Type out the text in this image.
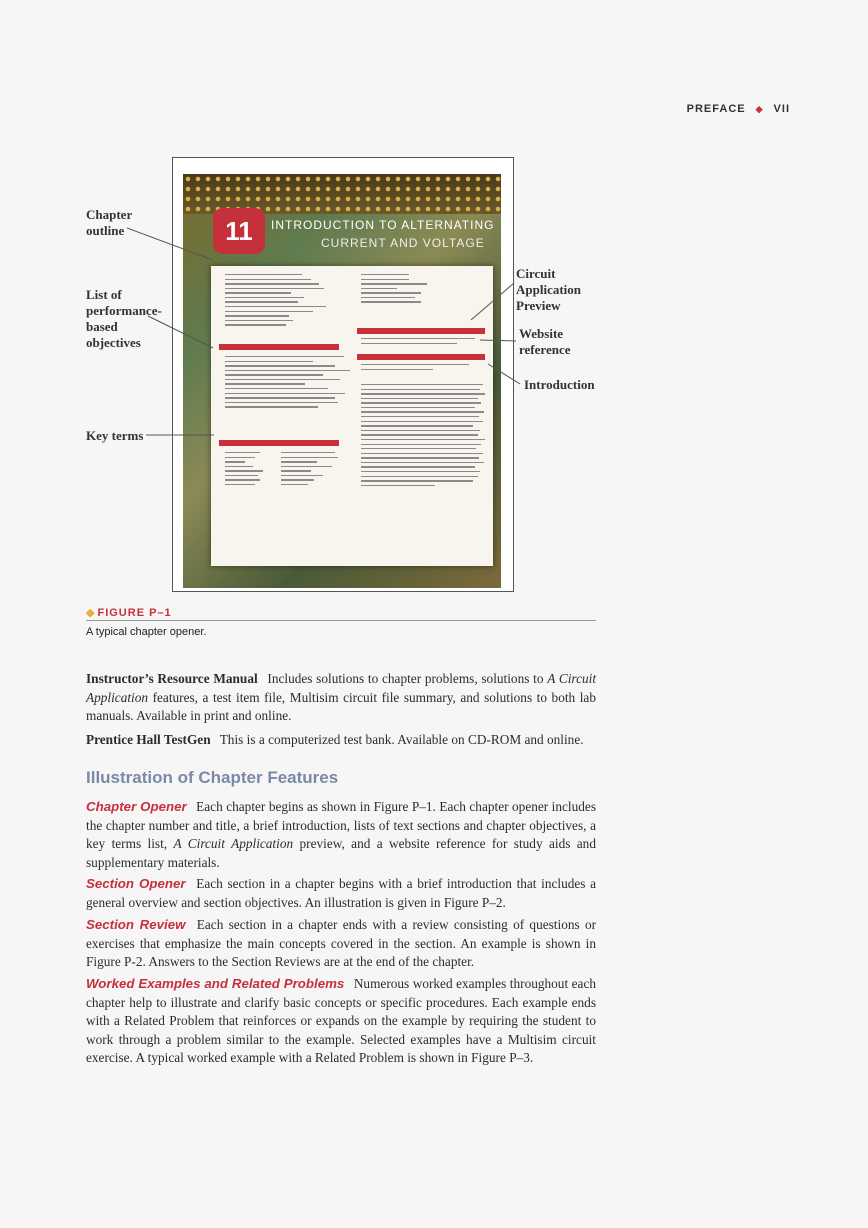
PREFACE ◆ VII
11	INTRODUCTION TO ALTERNATING
CURRENT AND VOLTAGE
Chapter outline
List of performance-based objectives
Key terms
Circuit Application Preview
Website reference
Introduction
◆ FIGURE P–1
A typical chapter opener.
Instructor’s Resource Manual Includes solutions to chapter problems, solutions to A Circuit Application features, a test item file, Multisim circuit file summary, and solutions to both lab manuals. Available in print and online.
Prentice Hall TestGen This is a computerized test bank. Available on CD-ROM and online.
Illustration of Chapter Features
Chapter Opener Each chapter begins as shown in Figure P–1. Each chapter opener includes the chapter number and title, a brief introduction, lists of text sections and chapter objectives, a key terms list, A Circuit Application preview, and a website reference for study aids and supplementary materials.
Section Opener Each section in a chapter begins with a brief introduction that includes a general overview and section objectives. An illustration is given in Figure P–2.
Section Review Each section in a chapter ends with a review consisting of questions or exercises that emphasize the main concepts covered in the section. An example is shown in Figure P-2. Answers to the Section Reviews are at the end of the chapter.
Worked Examples and Related Problems Numerous worked examples throughout each chapter help to illustrate and clarify basic concepts or specific procedures. Each example ends with a Related Problem that reinforces or expands on the example by requiring the student to work through a problem similar to the example. Selected examples have a Multisim circuit exercise. A typical worked example with a Related Problem is shown in Figure P–3.
